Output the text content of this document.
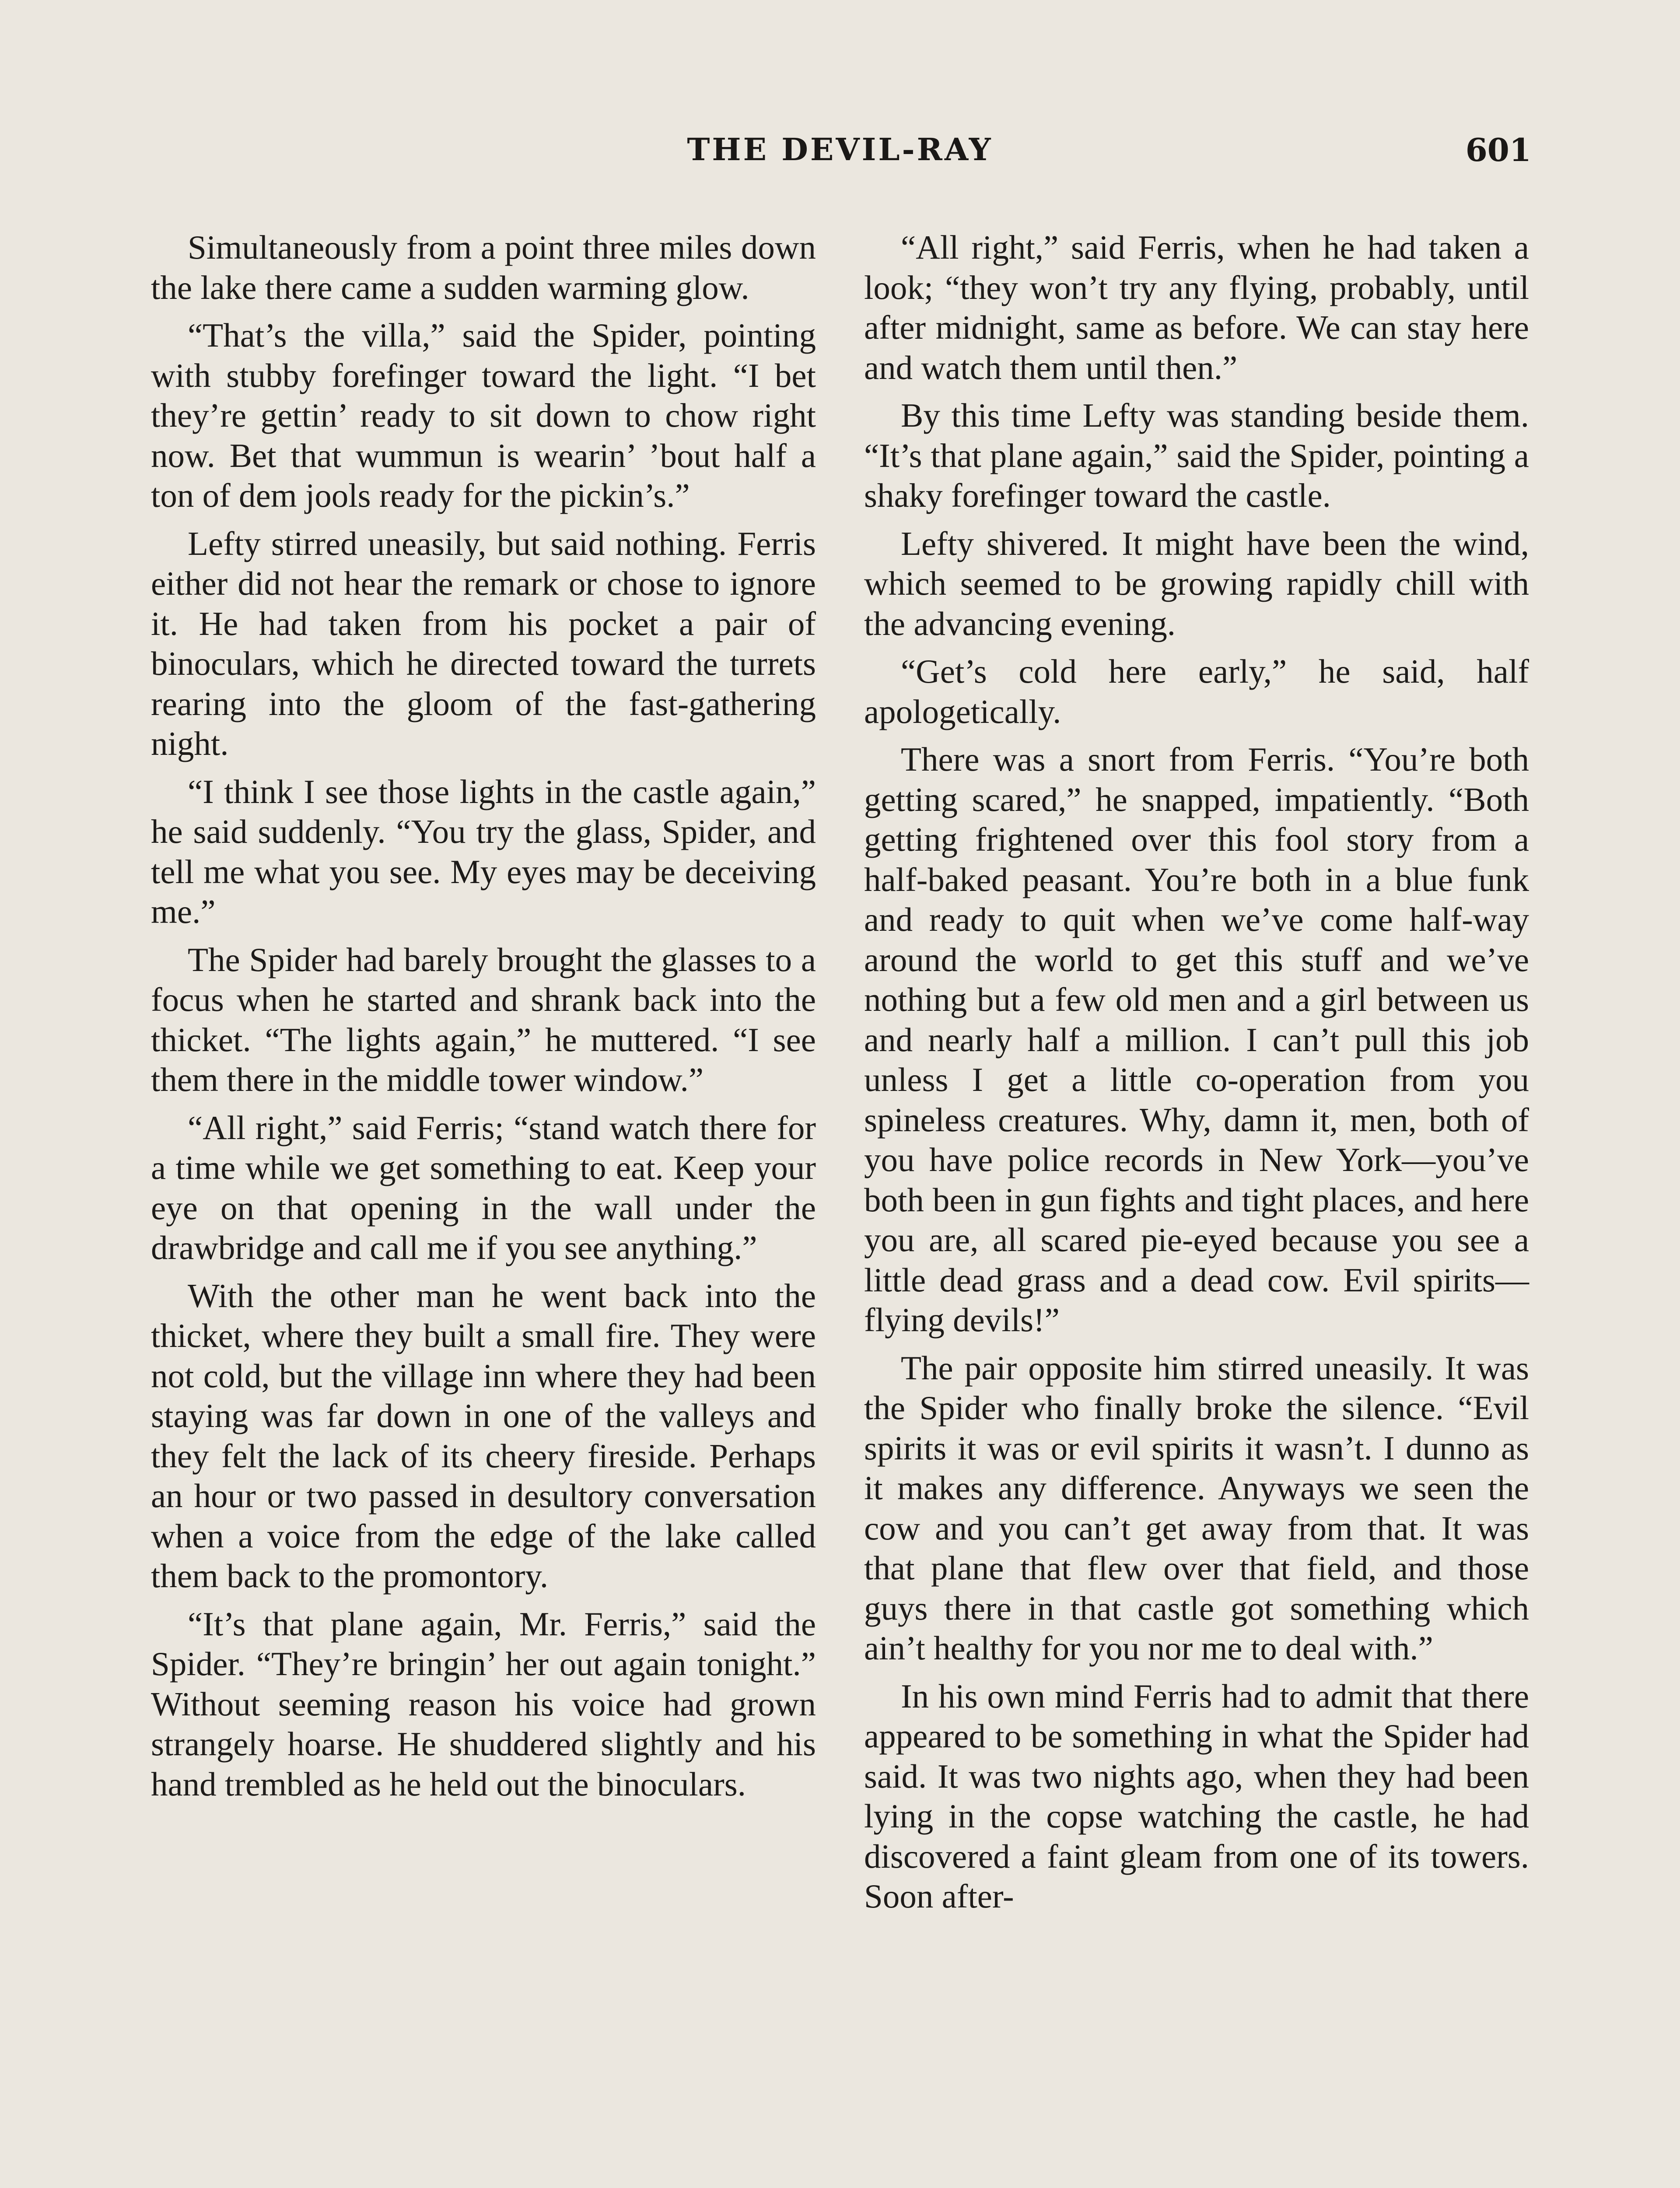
THE DEVIL-RAY	601

Simultaneously from a point three miles down the lake there came a sudden warming glow.

“That’s the villa,” said the Spider, pointing with stubby forefinger toward the light. “I bet they’re gettin’ ready to sit down to chow right now. Bet that wummun is wearin’ ’bout half a ton of dem jools ready for the pickin’s.”

Lefty stirred uneasily, but said nothing. Ferris either did not hear the remark or chose to ignore it. He had taken from his pocket a pair of binoculars, which he directed toward the turrets rearing into the gloom of the fast-gathering night.

“I think I see those lights in the castle again,” he said suddenly. “You try the glass, Spider, and tell me what you see. My eyes may be deceiving me.”

The Spider had barely brought the glasses to a focus when he started and shrank back into the thicket. “The lights again,” he muttered. “I see them there in the middle tower window.”

“All right,” said Ferris; “stand watch there for a time while we get something to eat. Keep your eye on that opening in the wall under the drawbridge and call me if you see anything.”

With the other man he went back into the thicket, where they built a small fire. They were not cold, but the village inn where they had been staying was far down in one of the valleys and they felt the lack of its cheery fireside. Perhaps an hour or two passed in desultory conversation when a voice from the edge of the lake called them back to the promontory.

“It’s that plane again, Mr. Ferris,” said the Spider. “They’re bringin’ her out again tonight.” Without seeming reason his voice had grown strangely hoarse. He shuddered slightly and his hand trembled as he held out the binoculars.

“All right,” said Ferris, when he had taken a look; “they won’t try any flying, probably, until after midnight, same as before. We can stay here and watch them until then.”

By this time Lefty was standing beside them. “It’s that plane again,” said the Spider, pointing a shaky forefinger toward the castle.

Lefty shivered. It might have been the wind, which seemed to be growing rapidly chill with the advancing evening.

“Get’s cold here early,” he said, half apologetically.

There was a snort from Ferris. “You’re both getting scared,” he snapped, impatiently. “Both getting frightened over this fool story from a half-baked peasant. You’re both in a blue funk and ready to quit when we’ve come half-way around the world to get this stuff and we’ve nothing but a few old men and a girl between us and nearly half a million. I can’t pull this job unless I get a little co-operation from you spineless creatures. Why, damn it, men, both of you have police records in New York—you’ve both been in gun fights and tight places, and here you are, all scared pie-eyed because you see a little dead grass and a dead cow. Evil spirits—flying devils!”

The pair opposite him stirred uneasily. It was the Spider who finally broke the silence. “Evil spirits it was or evil spirits it wasn’t. I dunno as it makes any difference. Anyways we seen the cow and you can’t get away from that. It was that plane that flew over that field, and those guys there in that castle got something which ain’t healthy for you nor me to deal with.”

In his own mind Ferris had to admit that there appeared to be something in what the Spider had said. It was two nights ago, when they had been lying in the copse watching the castle, he had discovered a faint gleam from one of its towers. Soon after-
